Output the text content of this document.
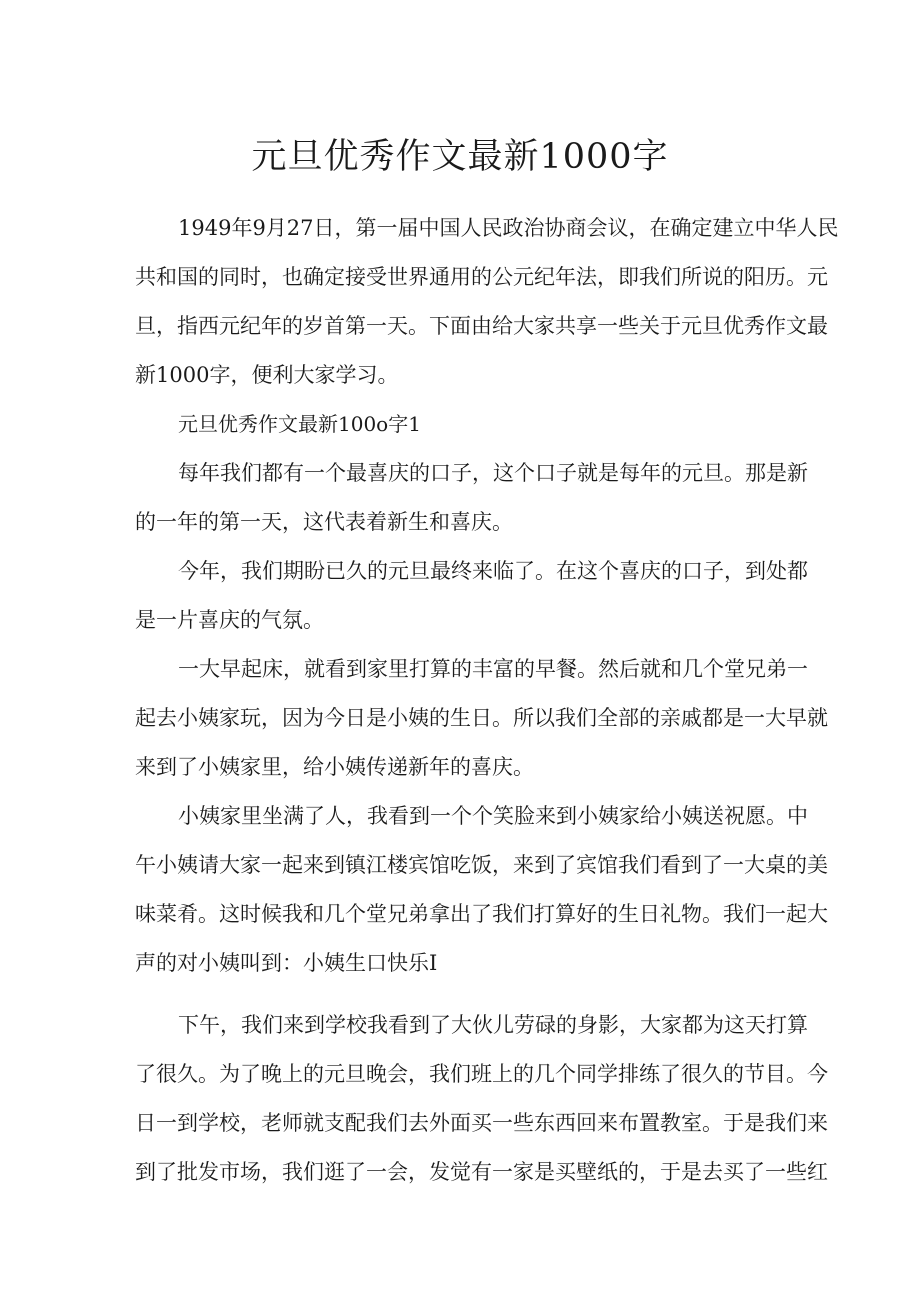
元旦优秀作文最新1000字

1949年9月27日，第一届中国人民政治协商会议，在确定建立中华人民

共和国的同时，也确定接受世界通用的公元纪年法，即我们所说的阳历。元

旦，指西元纪年的岁首第一天。下面由给大家共享一些关于元旦优秀作文最

新1000字，便利大家学习。

元旦优秀作文最新100o字1

每年我们都有一个最喜庆的口子，这个口子就是每年的元旦。那是新

的一年的第一天，这代表着新生和喜庆。

今年，我们期盼已久的元旦最终来临了。在这个喜庆的口子，到处都

是一片喜庆的气氛。

一大早起床，就看到家里打算的丰富的早餐。然后就和几个堂兄弟一

起去小姨家玩，因为今日是小姨的生日。所以我们全部的亲戚都是一大早就

来到了小姨家里，给小姨传递新年的喜庆。

小姨家里坐满了人，我看到一个个笑脸来到小姨家给小姨送祝愿。中

午小姨请大家一起来到镇江楼宾馆吃饭，来到了宾馆我们看到了一大桌的美

味菜肴。这时候我和几个堂兄弟拿出了我们打算好的生日礼物。我们一起大

声的对小姨叫到：小姨生口快乐I

下午，我们来到学校我看到了大伙儿劳碌的身影，大家都为这天打算

了很久。为了晚上的元旦晚会，我们班上的几个同学排练了很久的节目。今

日一到学校，老师就支配我们去外面买一些东西回来布置教室。于是我们来

到了批发市场，我们逛了一会，发觉有一家是买壁纸的，于是去买了一些红
